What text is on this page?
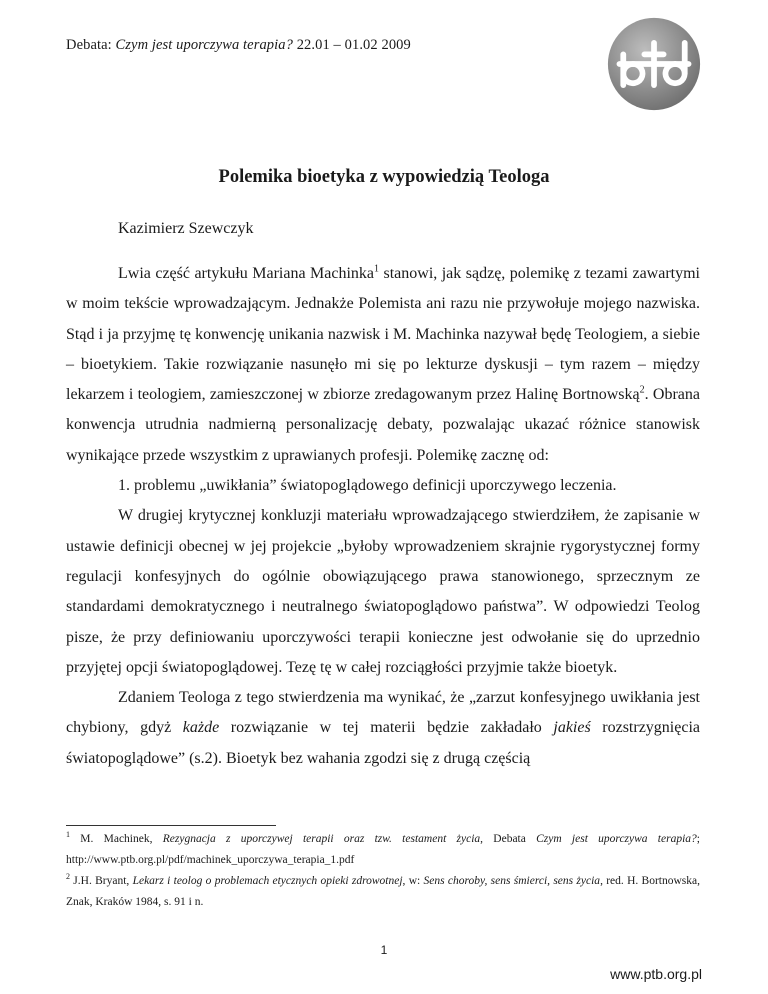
Debata: Czym jest uporczywa terapia? 22.01 – 01.02 2009
Polemika bioetyka z wypowiedzią Teologa
Kazimierz Szewczyk

Lwia część artykułu Mariana Machinka$^1$ stanowi, jak sądzę, polemikę z tezami zawartymi w moim tekście wprowadzającym. Jednakże Polemista ani razu nie przywołuje mojego nazwiska. Stąd i ja przyjmę tę konwencję unikania nazwisk i M. Machinka nazywał będę Teologiem, a siebie – bioetykiem. Takie rozwiązanie nasunęło mi się po lekturze dyskusji – tym razem – między lekarzem i teologiem, zamieszczonej w zbiorze zredagowanym przez Halinę Bortnowską$^2$. Obrana konwencja utrudnia nadmierną personalizację debaty, pozwalając ukazać różnice stanowisk wynikające przede wszystkim z uprawianych profesji. Polemikę zacznę od:

1. problemu „uwikłania” światopoglądowego definicji uporczywego leczenia.

W drugiej krytycznej konkluzji materiału wprowadzającego stwierdziłem, że zapisanie w ustawie definicji obecnej w jej projekcie „byłoby wprowadzeniem skrajnie rygorystycznej formy regulacji konfesyjnych do ogólnie obowiązującego prawa stanowionego, sprzecznym ze standardami demokratycznego i neutralnego światopoglądowo państwa”. W odpowiedzi Teolog pisze, że przy definiowaniu uporczywości terapii konieczne jest odwołanie się do uprzednio przyjętej opcji światopoglądowej. Tezę tę w całej rozciągłości przyjmie także bioetyk.

Zdaniem Teologa z tego stwierdzenia ma wynikać, że „zarzut konfesyjnego uwikłania jest chybiony, gdyż każde rozwiązanie w tej materii będzie zakładało jakieś rozstrzygnięcia światopoglądowe” (s.2). Bioetyk bez wahania zgodzi się z drugą częścią

$^1$ M. Machinek, Rezygnacja z uporczywej terapii oraz tzw. testament życia, Debata Czym jest uporczywa terapia?; http://www.ptb.org.pl/pdf/machinek_uporczywa_terapia_1.pdf

$^2$ J.H. Bryant, Lekarz i teolog o problemach etycznych opieki zdrowotnej, w: Sens choroby, sens śmierci, sens życia, red. H. Bortnowska, Znak, Kraków 1984, s. 91 i n.

1
www.ptb.org.pl
